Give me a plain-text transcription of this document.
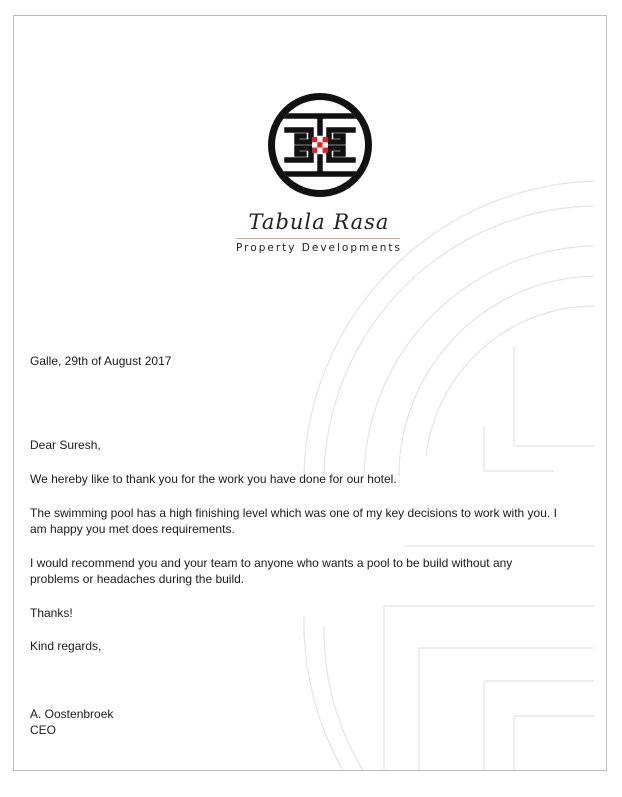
Tabula Rasa
Property Developments
Galle, 29th of August 2017
Dear Suresh,
We hereby like to thank you for the work you have done for our hotel.
The swimming pool has a high finishing level which was one of my key decisions to work with you. I am happy you met does requirements.
I would recommend you and your team to anyone who wants a pool to be build without any problems or headaches during the build.
Thanks!
Kind regards,
A. Oostenbroek
CEO
